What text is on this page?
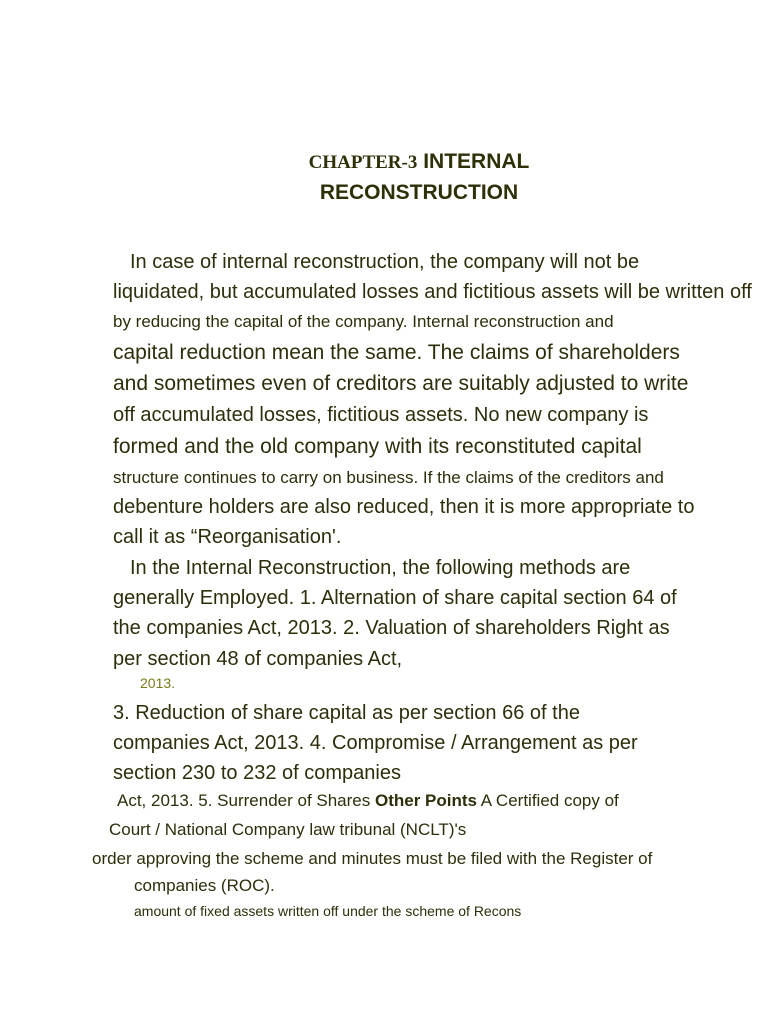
CHAPTER-3 INTERNAL
RECONSTRUCTION
In case of internal reconstruction, the company will not be
liquidated, but accumulated losses and fictitious assets will be written off
by reducing the capital of the company. Internal reconstruction and
capital reduction mean the same. The claims of shareholders
and sometimes even of creditors are suitably adjusted to write
off accumulated losses, fictitious assets. No new company is
formed and the old company with its reconstituted capital
structure continues to carry on business. If the claims of the creditors and
debenture holders are also reduced, then it is more appropriate to
call it as “Reorganisation'.
In the Internal Reconstruction, the following methods are
generally Employed. 1. Alternation of share capital section 64 of
the companies Act, 2013. 2. Valuation of shareholders Right as
per section 48 of companies Act,
2013.
3. Reduction of share capital as per section 66 of the
companies Act, 2013. 4. Compromise / Arrangement as per
section 230 to 232 of companies
Act, 2013. 5. Surrender of Shares Other Points A Certified copy of
Court / National Company law tribunal (NCLT)'s
order approving the scheme and minutes must be filed with the Register of
companies (ROC).
amount of fixed assets written off under the scheme of Recons
